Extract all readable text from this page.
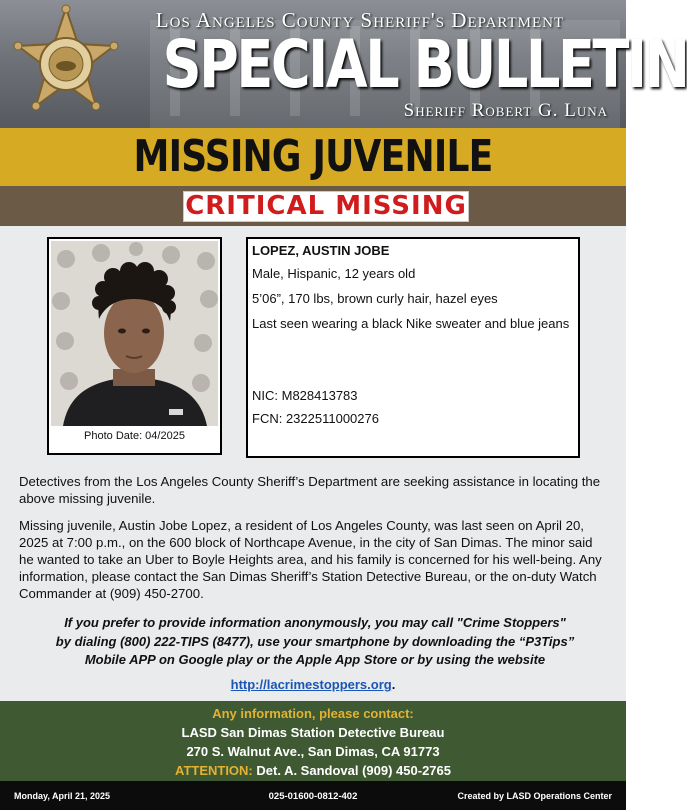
Los Angeles County Sheriff's Department
SPECIAL BULLETIN
Sheriff Robert G. Luna
MISSING JUVENILE
CRITICAL MISSING
Photo Date: 04/2025
LOPEZ, AUSTIN JOBE
Male, Hispanic, 12 years old
5’06”, 170 lbs, brown curly hair, hazel eyes
Last seen wearing a black Nike sweater and blue jeans
NIC: M828413783
FCN: 2322511000276
Detectives from the Los Angeles County Sheriff’s Department are seeking assistance in locating the above missing juvenile.
Missing juvenile, Austin Jobe Lopez, a resident of Los Angeles County, was last seen on April 20, 2025 at 7:00 p.m., on the 600 block of Northcape Avenue, in the city of San Dimas. The minor said he wanted to take an Uber to Boyle Heights area, and his family is concerned for his well-being. Any information, please contact the San Dimas Sheriff’s Station Detective Bureau, or the on-duty Watch Commander at (909) 450-2700.
If you prefer to provide information anonymously, you may call "Crime Stoppers"
by dialing (800) 222-TIPS (8477), use your smartphone by downloading the “P3Tips”
Mobile APP on Google play or the Apple App Store or by using the website
http://lacrimestoppers.org.
Any information, please contact:
LASD San Dimas Station Detective Bureau
270 S. Walnut Ave., San Dimas, CA 91773
ATTENTION: Det. A. Sandoval (909) 450-2765
Monday, April 21, 2025	025-01600-0812-402	Created by LASD Operations Center
